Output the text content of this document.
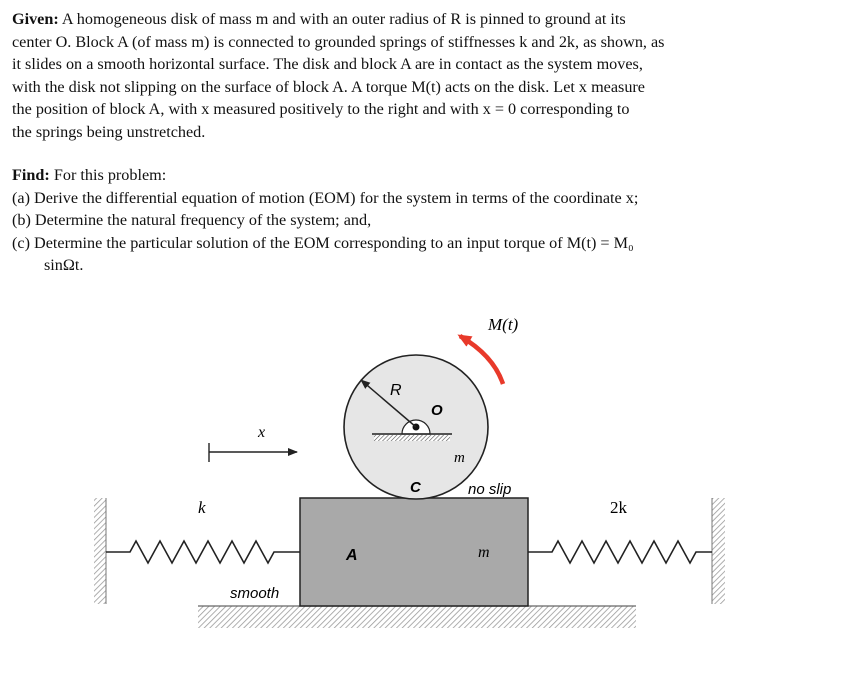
Given: A homogeneous disk of mass m and with an outer radius of R is pinned to ground at its
center O. Block A (of mass m) is connected to grounded springs of stiffnesses k and 2k, as shown, as
it slides on a smooth horizontal surface. The disk and block A are in contact as the system moves,
with the disk not slipping on the surface of block A. A torque M(t) acts on the disk. Let x measure
the position of block A, with x measured positively to the right and with x = 0 corresponding to
the springs being unstretched.
Find: For this problem:
(a) Derive the differential equation of motion (EOM) for the system in terms of the coordinate x;
(b) Determine the natural frequency of the system; and,
(c) Determine the particular solution of the EOM corresponding to an input torque of M(t) = M₀
sinΩt.
M(t)
R
O
m
C	no slip
x
k	2k
A	m
smooth
